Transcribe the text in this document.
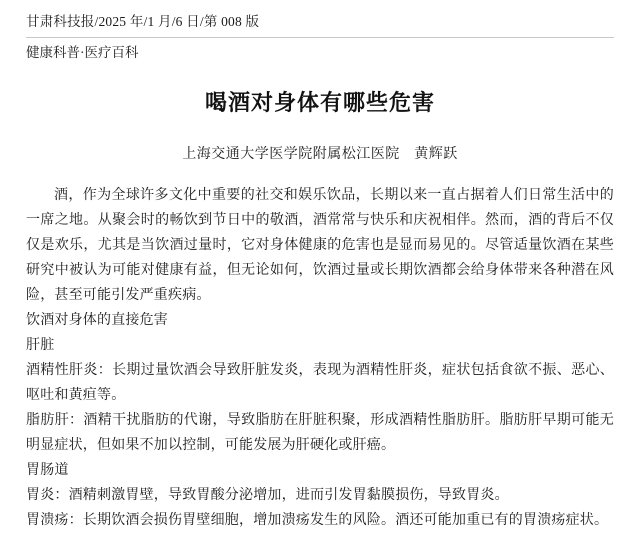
甘肃科技报/2025 年/1 月/6 日/第 008 版
健康科普·医疗百科
喝酒对身体有哪些危害
上海交通大学医学院附属松江医院　黄辉跃

酒，作为全球许多文化中重要的社交和娱乐饮品，长期以来一直占据着人们日常生活中的一席之地。从聚会时的畅饮到节日中的敬酒，酒常常与快乐和庆祝相伴。然而，酒的背后不仅仅是欢乐，尤其是当饮酒过量时，它对身体健康的危害也是显而易见的。尽管适量饮酒在某些研究中被认为可能对健康有益，但无论如何，饮酒过量或长期饮酒都会给身体带来各种潜在风险，甚至可能引发严重疾病。

饮酒对身体的直接危害

肝脏

酒精性肝炎：长期过量饮酒会导致肝脏发炎，表现为酒精性肝炎，症状包括食欲不振、恶心、呕吐和黄疸等。

脂肪肝：酒精干扰脂肪的代谢，导致脂肪在肝脏积聚，形成酒精性脂肪肝。脂肪肝早期可能无明显症状，但如果不加以控制，可能发展为肝硬化或肝癌。

胃肠道

胃炎：酒精刺激胃壁，导致胃酸分泌增加，进而引发胃黏膜损伤，导致胃炎。

胃溃疡：长期饮酒会损伤胃壁细胞，增加溃疡发生的风险。酒还可能加重已有的胃溃疡症状。
